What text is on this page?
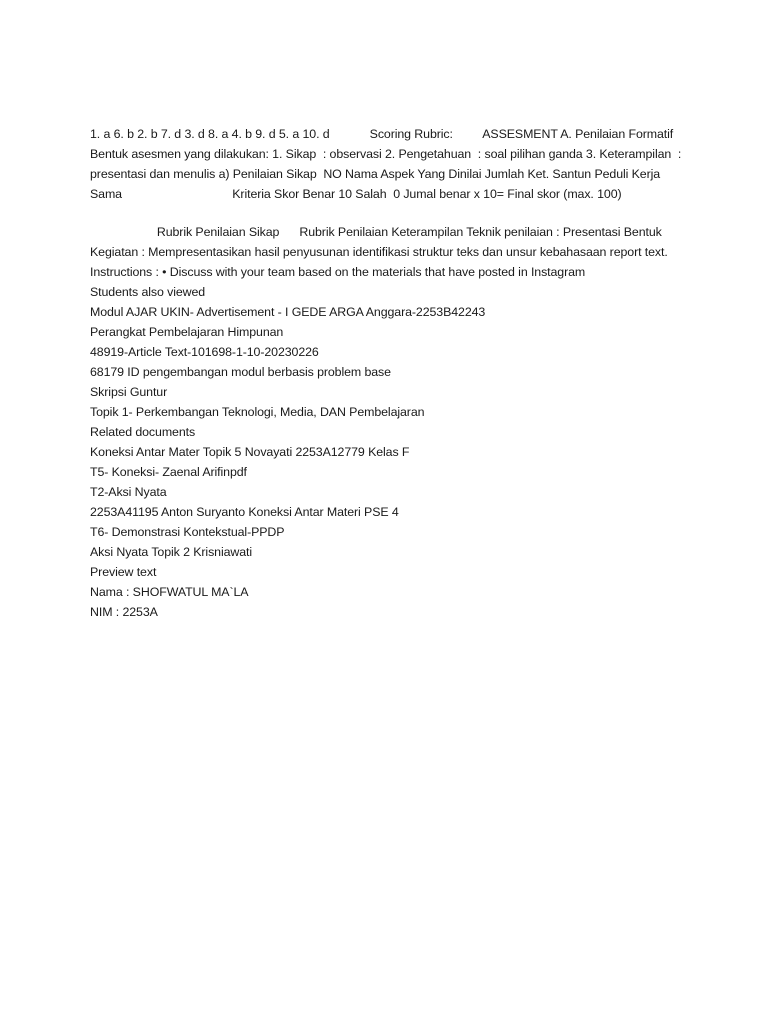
1. a 6. b 2. b 7. d 3. d 8. a 4. b 9. d 5. a 10. d            Scoring Rubric:         ASSESMENT A. Penilaian Formatif Bentuk asesmen yang dilakukan: 1. Sikap  : observasi 2. Pengetahuan  : soal pilihan ganda 3. Keterampilan  : presentasi dan menulis a) Penilaian Sikap  NO Nama Aspek Yang Dinilai Jumlah Ket. Santun Peduli Kerja Sama                                 Kriteria Skor Benar 10 Salah  0 Jumal benar x 10= Final skor (max. 100)

Rubrik Penilaian Sikap      Rubrik Penilaian Keterampilan Teknik penilaian : Presentasi Bentuk Kegiatan : Mempresentasikan hasil penyusunan identifikasi struktur teks dan unsur kebahasaan report text. Instructions : • Discuss with your team based on the materials that have posted in Instagram

Students also viewed

Modul AJAR UKIN- Advertisement - I GEDE ARGA Anggara-2253B42243

Perangkat Pembelajaran Himpunan

48919-Article Text-101698-1-10-20230226

68179 ID pengembangan modul berbasis problem base

Skripsi Guntur

Topik 1- Perkembangan Teknologi, Media, DAN Pembelajaran

Related documents

Koneksi Antar Mater Topik 5 Novayati 2253A12779 Kelas F

T5- Koneksi- Zaenal Arifinpdf

T2-Aksi Nyata

2253A41195 Anton Suryanto Koneksi Antar Materi PSE 4

T6- Demonstrasi Kontekstual-PPDP

Aksi Nyata Topik 2 Krisniawati

Preview text

Nama : SHOFWATUL MA`LA

NIM : 2253A
